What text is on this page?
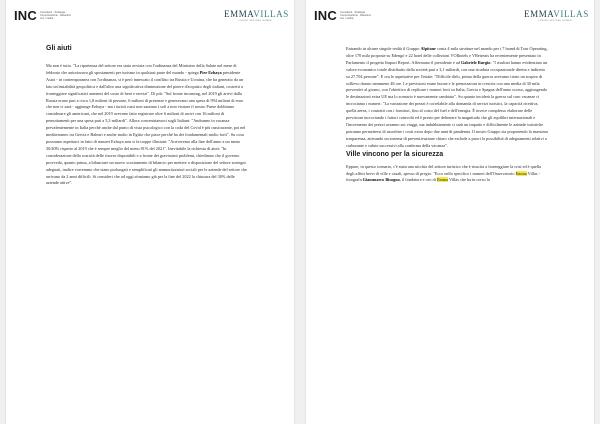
INC Consulenti · Strategia · Comunicazione · Relazioni con i media	EMMAVILLAS
LUXURY HOLIDAY HOMES
Gli aiuti

Ma non è tutto. "La ripartenza del settore era stata avviata con l'ordinanza del Ministero della Salute nel mese di febbraio che autorizzava gli spostamenti per turismo in qualsiasi parte del mondo - spiega Pier Ezhaya presidente Astoi - in contemporanea con l'ordinanza, si è però innescato il conflitto tra Russia e Ucraina, che ha generato da un lato un'instabilità geopolitica e dall'altro una significativa diminuzione del potere d'acquisto degli italiani, costretti a fronteggiare significativi aumenti del costo di beni e servizi". Di più: "Sul fronte incoming, nel 2019 gli arrivi dalla Russia erano pari a circa 1,8 milioni di persone, 6 milioni di presenze e generavano una spesa di 994 milioni di euro che non ci sarà - aggiunge Ezhaya - ma i turisti russi non saranno i soli a non visitare il nostro Paese dobbiamo considerare gli americani, che nel 2019 avevano fatto registrare oltre 6 milioni di arrivi con 16 milioni di pernottamenti per una spesa pari a 5,3 miliardi". Allora concentriamoci sugli Italiani: "Andranno in vacanza prevalentemente in Italia perché anche dal punto di vista psicologico con la coda del Covid è più rassicurante, poi nel mediterraneo tra Grecia e Baleari e anche molto in Egitto che piace perché ha dei fondamentali molto forti". Su cosa possiamo aspettarci in fatto di numeri Ezhaya non si fa troppe illusioni: "Arriveremo alla fine dell'anno a un meno 30/40% rispetto al 2019 che è sempre meglio del meno 81% del 2021". Inevitabile la richiesta di aiuti: "In considerazione della scarsità delle risorse disponibili e a fronte dei gravissimi problemi, chiediamo che il governo provveda, quanto prima, a bilanciare un nuovo scostamento di bilancio per mettere a disposizione del settore sostegni adeguati, inoltre vorremmo che siano prolungati e semplificati gli ammortizzatori sociali per le aziende del settore che arrivano da 2 anni difficili. Si consideri che ad oggi stimiamo già per la fine del 2022 la chiusura del 30% delle aziende attive".

INC Consulenti · Strategia · Comunicazione · Relazioni con i media	EMMAVILLAS
LUXURY HOLIDAY HOMES

Entrando in alcune singole realtà il Gruppo Alpitour conta 4 mila strutture nel mondo per i 7 brand di Tour Operating, oltre 170 mila proposte su Edengò e 22 hotel delle collezioni VOIhotels e VRetreats ha recentemente presentato in Parlamento il progetto Impact Report. Affermano il presidente e ad Gabriele Burgio: "I risultati hanno evidenziato un valore economico totale distribuito dalla società pari a 3,1 miliardi, con una ricaduta occupazionale diretta e indiretta su 27.704 persone". E ora le aspettative per l'estate: "Difficile dirlo, prima della guerra avevamo tirato un sospiro di sollievo durato nemmeno 48 ore. Le previsioni erano buone e le prenotazioni in crescita con una media di 30 mila preventivi al giorno, con l'obiettivo di replicare i numeri forti su Italia, Grecia e Spagna dell'anno scorso, aggiungendo le destinazioni extra UE ma lo scenario è nuovamente cambiato". Su quanto inciderà la guerra sul caro vacanze ci incrociamo i numeri: "La variazione dei prezzi è correlabile alla domanda di servizi turistici, la capacità ricettiva, quella aerea, i contratti con i fornitori, fino al costo del fuel e dell'energia. È invece complesso elaborare delle previsioni incrociando i fattori coinvolti ed è presto per delineare la magnitudo che gli equilibri internazionali e l'incremento dei prezzi avranno sui viaggi, ma indubbiamente ci sarà un impatto e difficilmente le aziende turistiche potranno permettersi di assorbire i costi extra dopo due anni di pandemia. Il nostro Gruppo sta proponendo la massima trasparenza, attivando un sistema di preventivazione chiaro che esclude a priori la possibilità di adeguamenti relativi a carburante e valute successivi alla conferma della vacanza".

Ville vincono per la sicurezza

Eppure, in questo scenario, c'è stata una nicchia del settore turistico che è riuscita a fronteggiare la crisi ed è quella degli affitti brevi di ville e casali, spesso di pregio. "Ecco nello specifico i numeri dell'Osservatorio Emma Villas - fotografa Giammarco Bisogno, il fondatore e ceo di Emma Villas che ha in corso la
